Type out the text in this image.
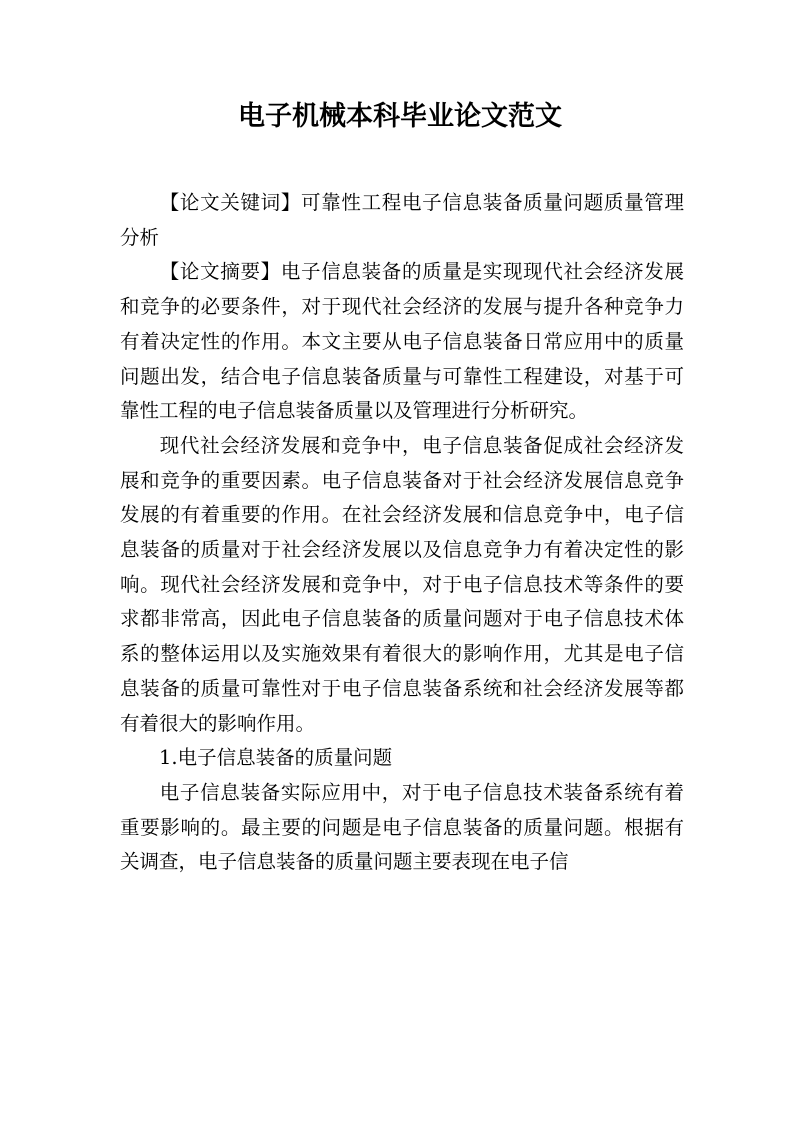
电子机械本科毕业论文范文

【论文关键词】可靠性工程电子信息装备质量问题质量管理分析

【论文摘要】电子信息装备的质量是实现现代社会经济发展和竞争的必要条件，对于现代社会经济的发展与提升各种竞争力有着决定性的作用。本文主要从电子信息装备日常应用中的质量问题出发，结合电子信息装备质量与可靠性工程建设，对基于可靠性工程的电子信息装备质量以及管理进行分析研究。

现代社会经济发展和竞争中，电子信息装备促成社会经济发展和竞争的重要因素。电子信息装备对于社会经济发展信息竞争发展的有着重要的作用。在社会经济发展和信息竞争中，电子信息装备的质量对于社会经济发展以及信息竞争力有着决定性的影响。现代社会经济发展和竞争中，对于电子信息技术等条件的要求都非常高，因此电子信息装备的质量问题对于电子信息技术体系的整体运用以及实施效果有着很大的影响作用，尤其是电子信息装备的质量可靠性对于电子信息装备系统和社会经济发展等都有着很大的影响作用。

1.电子信息装备的质量问题

电子信息装备实际应用中，对于电子信息技术装备系统有着重要影响的。最主要的问题是电子信息装备的质量问题。根据有关调查，电子信息装备的质量问题主要表现在电子信
